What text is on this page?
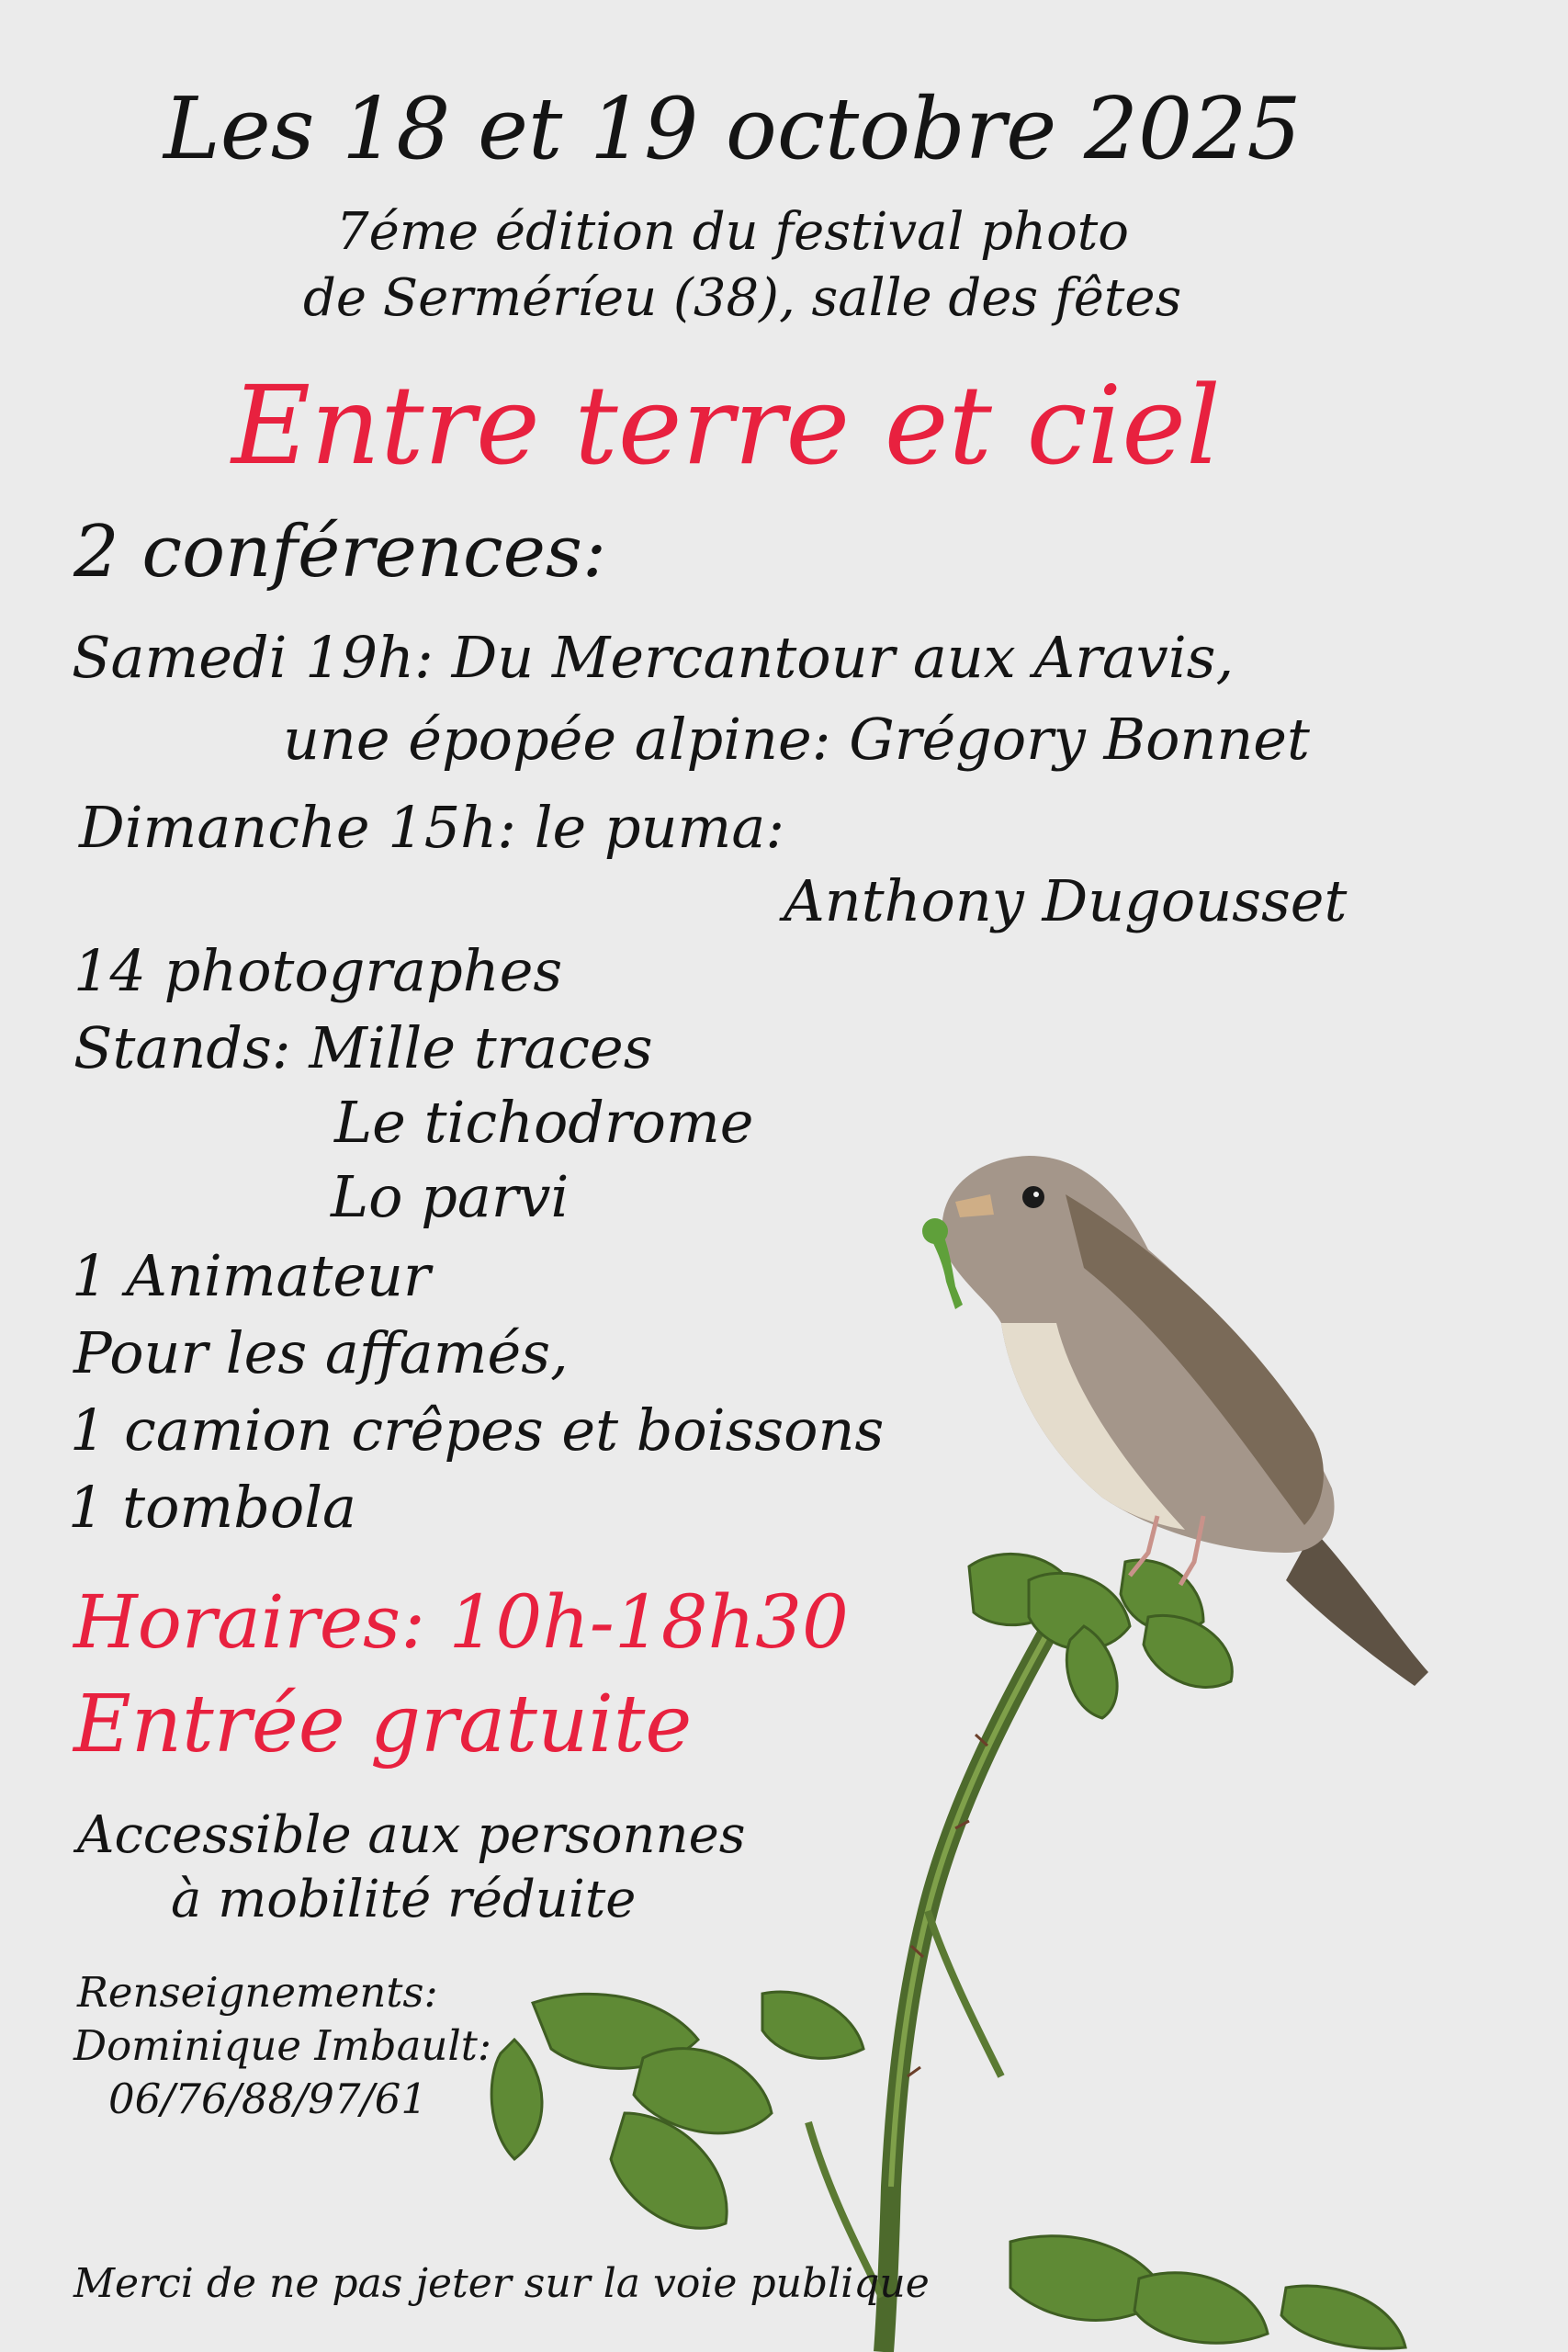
Les 18 et 19 octobre 2025
7éme édition du festival photo
de Serméríeu (38), salle des fêtes
Entre terre et ciel
2 conférences:
Samedi 19h: Du Mercantour aux Aravis,
une épopée alpine: Grégory Bonnet
Dimanche 15h: le puma:
Anthony Dugousset
14 photographes
Stands: Mille traces
Le tichodrome
Lo parvi
1 Animateur
Pour les affamés,
1 camion crêpes et boissons
1 tombola
Horaires: 10h-18h30
Entrée gratuite
Accessible aux personnes
à mobilité réduite
Renseignements:
Dominique Imbault:
06/76/88/97/61
Merci de ne pas jeter sur la voie publique
